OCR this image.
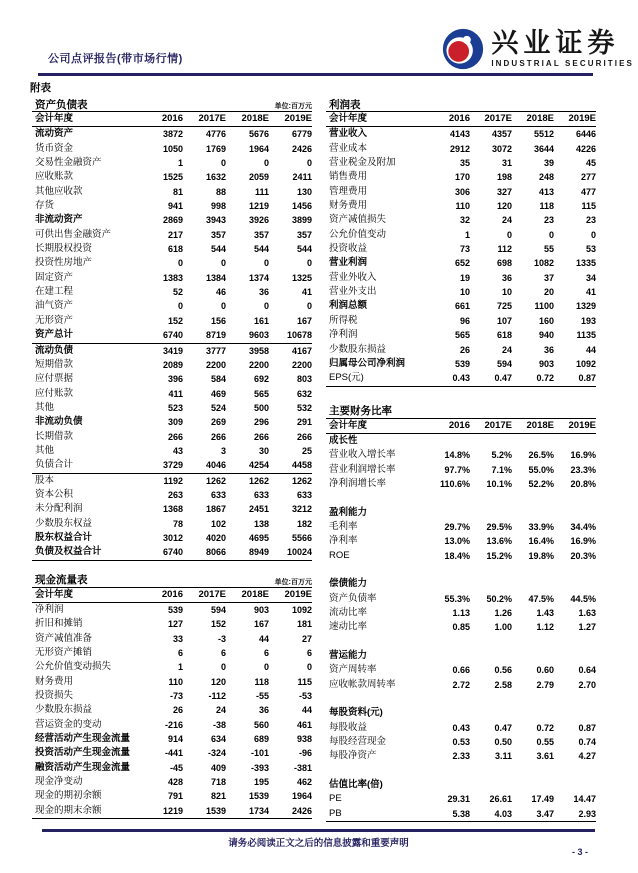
公司点评报告(带市场行情)
兴业证券
INDUSTRIAL SECURITIES
附表
资产负债表	单位:百万元
会计年度	2016	2017E	2018E	2019E
流动资产	3872	4776	5676	6779
货币资金	1050	1769	1964	2426
交易性金融资产	1	0	0	0
应收账款	1525	1632	2059	2411
其他应收款	81	88	111	130
存货	941	998	1219	1456
非流动资产	2869	3943	3926	3899
可供出售金融资产	217	357	357	357
长期股权投资	618	544	544	544
投资性房地产	0	0	0	0
固定资产	1383	1384	1374	1325
在建工程	52	46	36	41
油气资产	0	0	0	0
无形资产	152	156	161	167
资产总计	6740	8719	9603	10678
流动负债	3419	3777	3958	4167
短期借款	2089	2200	2200	2200
应付票据	396	584	692	803
应付账款	411	469	565	632
其他	523	524	500	532
非流动负债	309	269	296	291
长期借款	266	266	266	266
其他	43	3	30	25
负债合计	3729	4046	4254	4458
股本	1192	1262	1262	1262
资本公积	263	633	633	633
未分配利润	1368	1867	2451	3212
少数股东权益	78	102	138	182
股东权益合计	3012	4020	4695	5566
负债及权益合计	6740	8066	8949	10024
现金流量表	单位:百万元
会计年度	2016	2017E	2018E	2019E
净利润	539	594	903	1092
折旧和摊销	127	152	167	181
资产减值准备	33	-3	44	27
无形资产摊销	6	6	6	6
公允价值变动损失	1	0	0	0
财务费用	110	120	118	115
投资损失	-73	-112	-55	-53
少数股东损益	26	24	36	44
营运资金的变动	-216	-38	560	461
经营活动产生现金流量	914	634	689	938
投资活动产生现金流量	-441	-324	-101	-96
融资活动产生现金流量	-45	409	-393	-381
现金净变动	428	718	195	462
现金的期初余额	791	821	1539	1964
现金的期末余额	1219	1539	1734	2426
利润表
会计年度	2016	2017E	2018E	2019E
营业收入	4143	4357	5512	6446
营业成本	2912	3072	3644	4226
营业税金及附加	35	31	39	45
销售费用	170	198	248	277
管理费用	306	327	413	477
财务费用	110	120	118	115
资产减值损失	32	24	23	23
公允价值变动	1	0	0	0
投资收益	73	112	55	53
营业利润	652	698	1082	1335
营业外收入	19	36	37	34
营业外支出	10	10	20	41
利润总额	661	725	1100	1329
所得税	96	107	160	193
净利润	565	618	940	1135
少数股东损益	26	24	36	44
归属母公司净利润	539	594	903	1092
EPS(元)	0.43	0.47	0.72	0.87
主要财务比率
会计年度	2016	2017E	2018E	2019E
成长性				
营业收入增长率	14.8%	5.2%	26.5%	16.9%
营业利润增长率	97.7%	7.1%	55.0%	23.3%
净利润增长率	110.6%	10.1%	52.2%	20.8%

盈利能力				
毛利率	29.7%	29.5%	33.9%	34.4%
净利率	13.0%	13.6%	16.4%	16.9%
ROE	18.4%	15.2%	19.8%	20.3%

偿债能力				
资产负债率	55.3%	50.2%	47.5%	44.5%
流动比率	1.13	1.26	1.43	1.63
速动比率	0.85	1.00	1.12	1.27

营运能力				
资产周转率	0.66	0.56	0.60	0.64
应收帐款周转率	2.72	2.58	2.79	2.70

每股资料(元)				
每股收益	0.43	0.47	0.72	0.87
每股经营现金	0.53	0.50	0.55	0.74
每股净资产	2.33	3.11	3.61	4.27

估值比率(倍)				
PE	29.31	26.61	17.49	14.47
PB	5.38	4.03	3.47	2.93
请务必阅读正文之后的信息披露和重要声明
- 3 -
